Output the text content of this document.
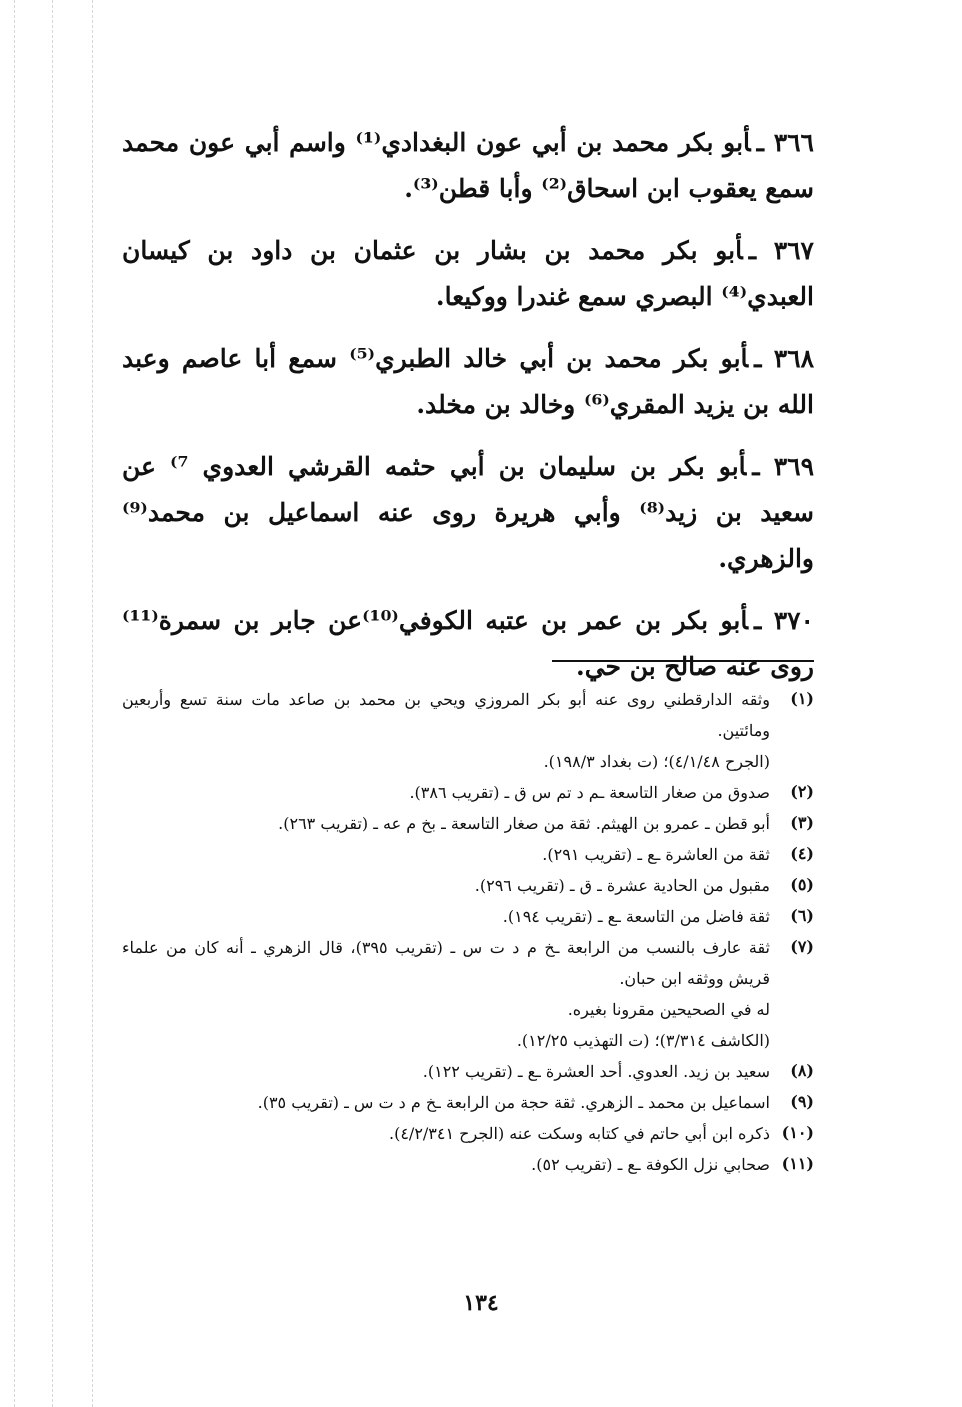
٣٦٦ ـأبو بكر محمد بن أبي عون البغدادي⁽¹⁾ واسم أبي عون محمد سمع يعقوب ابن اسحاق⁽²⁾ وأبا قطن⁽³⁾.

٣٦٧ ـأبو بكر محمد بن بشار بن عثمان بن داود بن كيسان العبدي⁽⁴⁾ البصري سمع غندرا ووكيعا.

٣٦٨ ـأبو بكر محمد بن أبي خالد الطبري⁽⁵⁾ سمع أبا عاصم وعبد الله بن يزيد المقري⁽⁶⁾ وخالد بن مخلد.

٣٦٩ ـأبو بكر بن سليمان بن أبي حثمه القرشي العدوي ⁷⁾ عن سعيد بن زيد⁽⁸⁾ وأبي هريرة روى عنه اسماعيل بن محمد⁽⁹⁾ والزهري.

٣٧٠ ـأبو بكر بن عمر بن عتبه الكوفي⁽¹⁰⁾عن جابر بن سمرة⁽¹¹⁾روى عنه صالح بن حي.

(١)

وثقه الدارقطني روى عنه أبو بكر المروزي ويحي بن محمد بن صاعد مات سنة تسع وأربعين ومائتين.

(الجرح ٤/١/٤٨)؛ (ت بغداد ١٩٨/٣).

(٢)

صدوق من صغار التاسعة ـم د تم س ق ـ (تقريب ٣٨٦).

(٣)

أبو قطن ـ عمرو بن الهيثم. ثقة من صغار التاسعة ـ بخ م عه ـ (تقريب ٢٦٣).

(٤)

ثقة من العاشرة ـع ـ (تقريب ٢٩١).

(٥)

مقبول من الحادية عشرة ـ ق ـ (تقريب ٢٩٦).

(٦)

ثقة فاضل من التاسعة ـع ـ (تقريب ١٩٤).

(٧)

ثقة عارف بالنسب من الرابعة ـخ م د ت س ـ (تقريب ٣٩٥)، قال الزهري ـ أنه كان من علماء قريش ووثقه ابن حبان.

له في الصحيحين مقرونا بغيره.

(الكاشف ٣/٣١٤)؛ (ت التهذيب ١٢/٢٥).

(٨)

سعيد بن زيد. العدوي. أحد العشرة ـع ـ (تقريب ١٢٢).

(٩)

اسماعيل بن محمد ـ الزهري. ثقة حجة من الرابعة ـخ م د ت س ـ (تقريب ٣٥).

(١٠)

ذكره ابن أبي حاتم في كتابه وسكت عنه (الجرح ٤/٢/٣٤١).

(١١)

صحابي نزل الكوفة ـع ـ (تقريب ٥٢).

١٣٤
